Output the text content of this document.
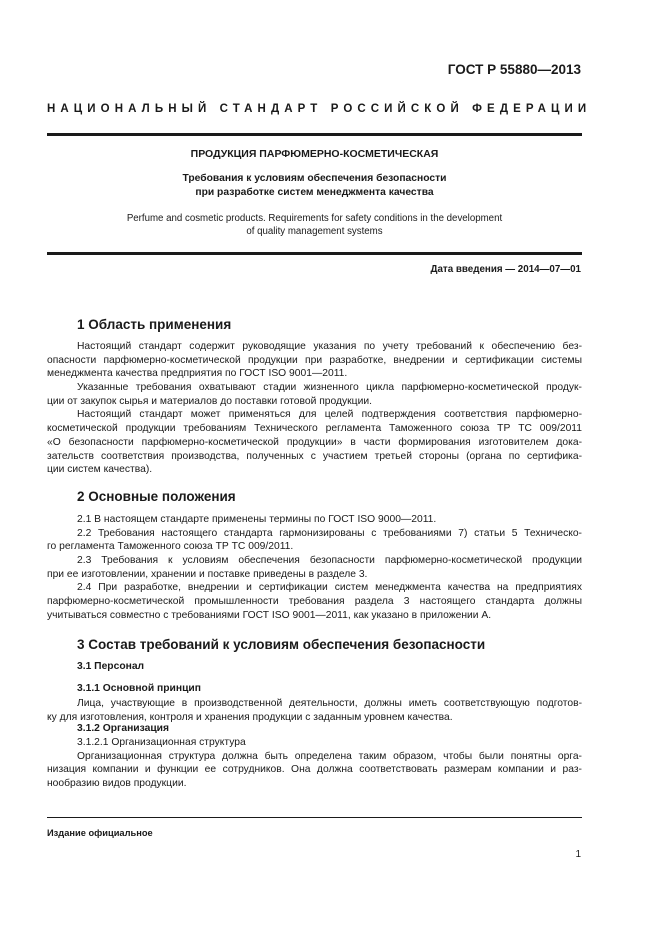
ГОСТ Р 55880—2013
НАЦИОНАЛЬНЫЙ СТАНДАРТ РОССИЙСКОЙ ФЕДЕРАЦИИ
ПРОДУКЦИЯ ПАРФЮМЕРНО-КОСМЕТИЧЕСКАЯ
Требования к условиям обеспечения безопасности
при разработке систем менеджмента качества
Perfume and cosmetic products. Requirements for safety conditions in the development
of quality management systems
Дата введения — 2014—07—01
1 Область применения
Настоящий стандарт содержит руководящие указания по учету требований к обеспечению без-
опасности парфюмерно-косметической продукции при разработке, внедрении и сертификации системы
менеджмента качества предприятия по ГОСТ ISO 9001—2011.
Указанные требования охватывают стадии жизненного цикла парфюмерно-косметической продук-
ции от закупок сырья и материалов до поставки готовой продукции.
Настоящий стандарт может применяться для целей подтверждения соответствия парфюмерно-
косметической продукции требованиям Технического регламента Таможенного союза ТР ТС 009/2011
«О безопасности парфюмерно-косметической продукции» в части формирования изготовителем дока-
зательств соответствия производства, полученных с участием третьей стороны (органа по сертифика-
ции систем качества).
2 Основные положения
2.1 В настоящем стандарте применены термины по ГОСТ ISO 9000—2011.
2.2 Требования настоящего стандарта гармонизированы с требованиями 7) статьи 5 Техническо-
го регламента Таможенного союза ТР ТС 009/2011.
2.3 Требования к условиям обеспечения безопасности парфюмерно-косметической продукции
при ее изготовлении, хранении и поставке приведены в разделе 3.
2.4 При разработке, внедрении и сертификации систем менеджмента качества на предприятиях
парфюмерно-косметической промышленности требования раздела 3 настоящего стандарта должны
учитываться совместно с требованиями ГОСТ ISO 9001—2011, как указано в приложении А.
3 Состав требований к условиям обеспечения безопасности
3.1 Персонал
3.1.1 Основной принцип
Лица, участвующие в производственной деятельности, должны иметь соответствующую подготов-
ку для изготовления, контроля и хранения продукции с заданным уровнем качества.
3.1.2 Организация
3.1.2.1 Организационная структура
Организационная структура должна быть определена таким образом, чтобы были понятны орга-
низация компании и функции ее сотрудников. Она должна соответствовать размерам компании и раз-
нообразию видов продукции.
Издание официальное
1
